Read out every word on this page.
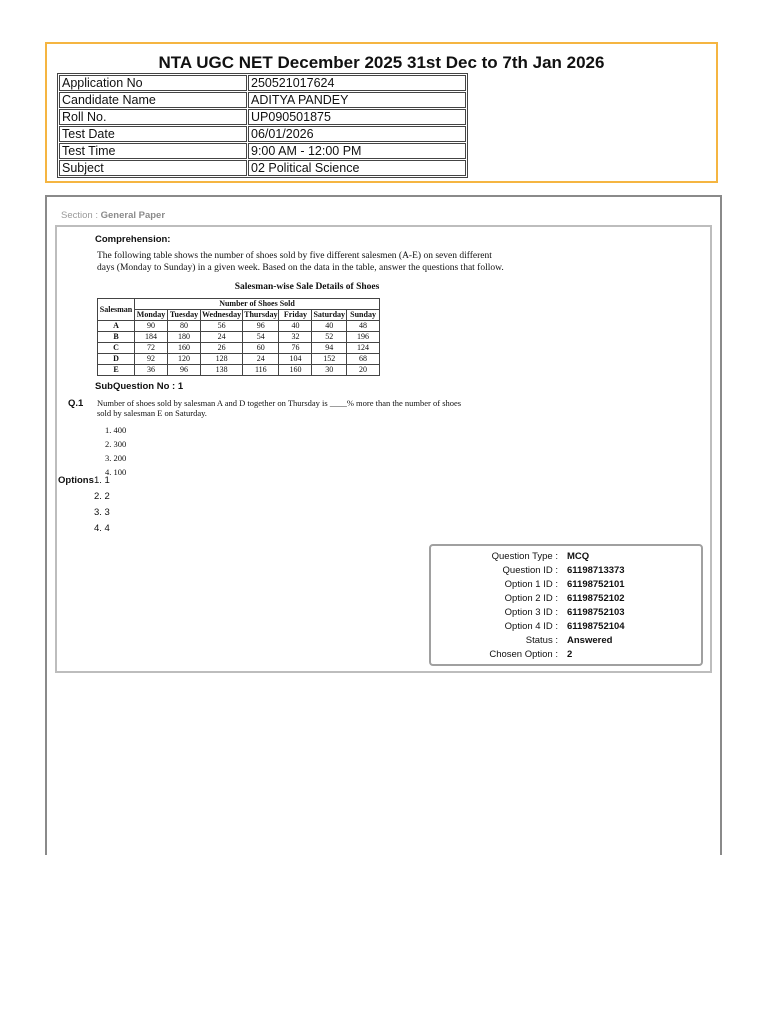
NTA UGC NET December 2025 31st Dec to 7th Jan 2026
Application No	250521017624
Candidate Name	ADITYA PANDEY
Roll No.	UP090501875
Test Date	06/01/2026
Test Time	9:00 AM - 12:00 PM
Subject	02 Political Science
Section : General Paper
Comprehension:
The following table shows the number of shoes sold by five different salesmen (A-E) on seven different
days (Monday to Sunday) in a given week. Based on the data in the table, answer the questions that follow.
Salesman-wise Sale Details of Shoes
Salesman	Number of Shoes Sold						
	Monday	Tuesday	Wednesday	Thursday	Friday	Saturday	Sunday
A	90	80	56	96	40	40	48
B	184	180	24	54	32	52	196
C	72	160	26	60	76	94	124
D	92	120	128	24	104	152	68
E	36	96	138	116	160	30	20
SubQuestion No : 1
Q.1 Number of shoes sold by salesman A and D together on Thursday is ____% more than the number of shoes
sold by salesman E on Saturday.
1. 400
2. 300
3. 200
4. 100
Options 1. 1
2. 2
3. 3
4. 4
Question Type : MCQ
Question ID : 61198713373
Option 1 ID : 61198752101
Option 2 ID : 61198752102
Option 3 ID : 61198752103
Option 4 ID : 61198752104
Status : Answered
Chosen Option : 2
